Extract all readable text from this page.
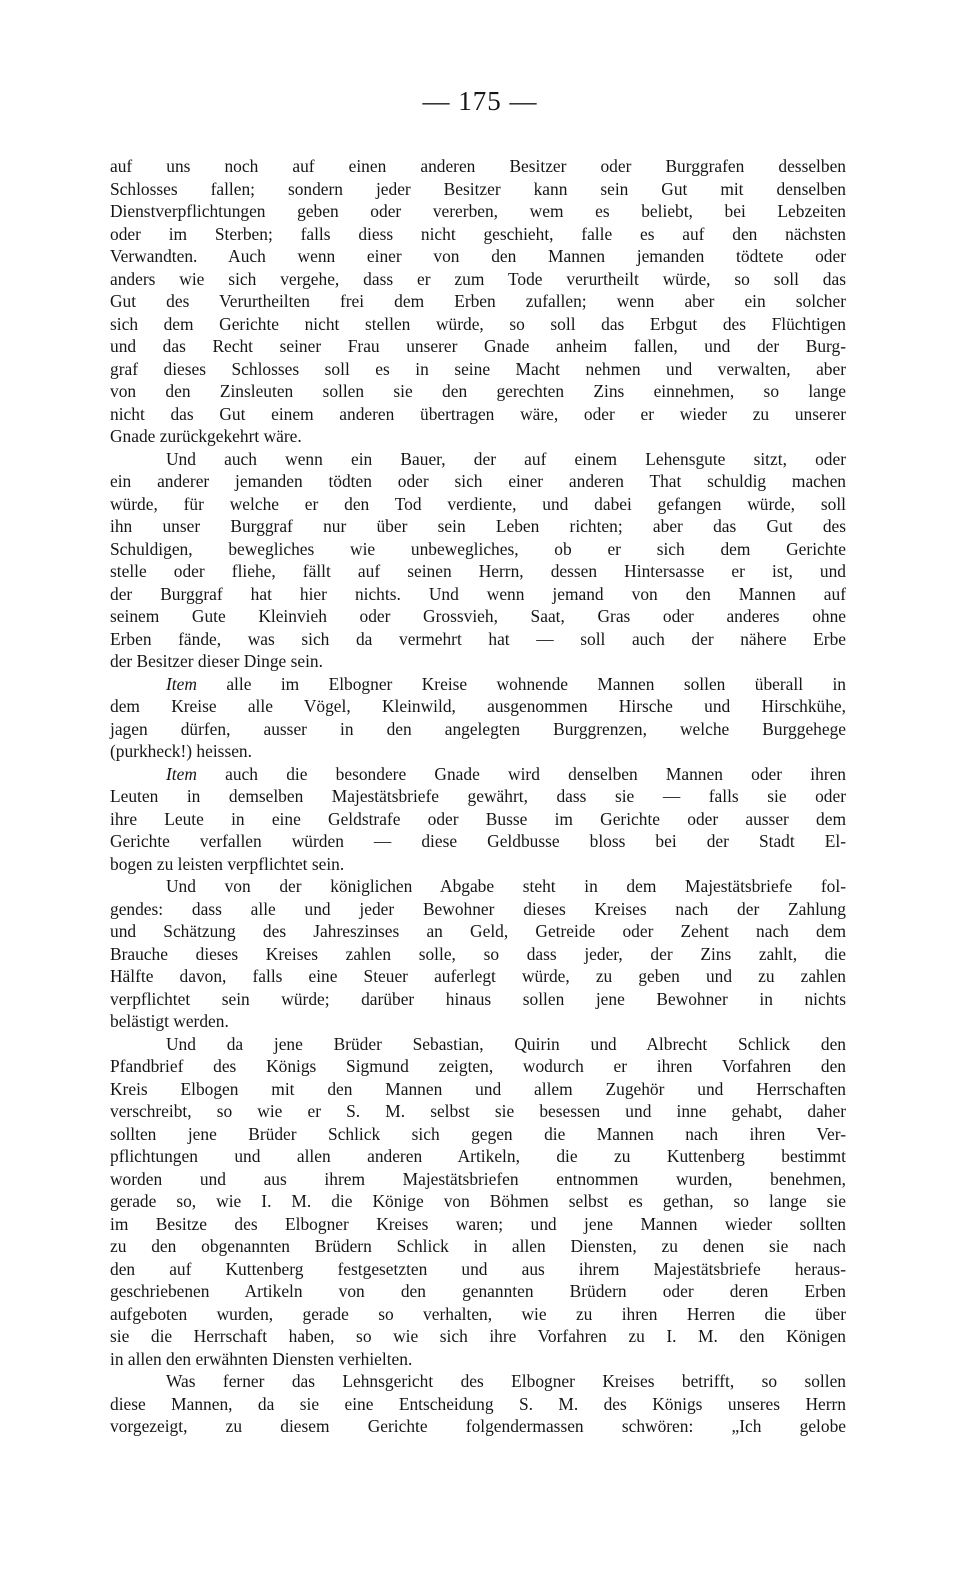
— 175 —
auf uns noch auf einen anderen Besitzer oder Burggrafen desselben
Schlosses fallen; sondern jeder Besitzer kann sein Gut mit denselben
Dienstverpflichtungen geben oder vererben, wem es beliebt, bei Lebzeiten
oder im Sterben; falls diess nicht geschieht, falle es auf den nächsten
Verwandten. Auch wenn einer von den Mannen jemanden tödtete oder
anders wie sich vergehe, dass er zum Tode verurtheilt würde, so soll das
Gut des Verurtheilten frei dem Erben zufallen; wenn aber ein solcher
sich dem Gerichte nicht stellen würde, so soll das Erbgut des Flüchtigen
und das Recht seiner Frau unserer Gnade anheim fallen, und der Burg-
graf dieses Schlosses soll es in seine Macht nehmen und verwalten, aber
von den Zinsleuten sollen sie den gerechten Zins einnehmen, so lange
nicht das Gut einem anderen übertragen wäre, oder er wieder zu unserer
Gnade zurückgekehrt wäre.
Und auch wenn ein Bauer, der auf einem Lehensgute sitzt, oder
ein anderer jemanden tödten oder sich einer anderen That schuldig machen
würde, für welche er den Tod verdiente, und dabei gefangen würde, soll
ihn unser Burggraf nur über sein Leben richten; aber das Gut des
Schuldigen, bewegliches wie unbewegliches, ob er sich dem Gerichte
stelle oder fliehe, fällt auf seinen Herrn, dessen Hintersasse er ist, und
der Burggraf hat hier nichts. Und wenn jemand von den Mannen auf
seinem Gute Kleinvieh oder Grossvieh, Saat, Gras oder anderes ohne
Erben fände, was sich da vermehrt hat — soll auch der nähere Erbe
der Besitzer dieser Dinge sein.
Item alle im Elbogner Kreise wohnende Mannen sollen überall in
dem Kreise alle Vögel, Kleinwild, ausgenommen Hirsche und Hirschkühe,
jagen dürfen, ausser in den angelegten Burggrenzen, welche Burggehege
(purkheck!) heissen.
Item auch die besondere Gnade wird denselben Mannen oder ihren
Leuten in demselben Majestätsbriefe gewährt, dass sie — falls sie oder
ihre Leute in eine Geldstrafe oder Busse im Gerichte oder ausser dem
Gerichte verfallen würden — diese Geldbusse bloss bei der Stadt El-
bogen zu leisten verpflichtet sein.
Und von der königlichen Abgabe steht in dem Majestätsbriefe fol-
gendes: dass alle und jeder Bewohner dieses Kreises nach der Zahlung
und Schätzung des Jahreszinses an Geld, Getreide oder Zehent nach dem
Brauche dieses Kreises zahlen solle, so dass jeder, der Zins zahlt, die
Hälfte davon, falls eine Steuer auferlegt würde, zu geben und zu zahlen
verpflichtet sein würde; darüber hinaus sollen jene Bewohner in nichts
belästigt werden.
Und da jene Brüder Sebastian, Quirin und Albrecht Schlick den
Pfandbrief des Königs Sigmund zeigten, wodurch er ihren Vorfahren den
Kreis Elbogen mit den Mannen und allem Zugehör und Herrschaften
verschreibt, so wie er S. M. selbst sie besessen und inne gehabt, daher
sollten jene Brüder Schlick sich gegen die Mannen nach ihren Ver-
pflichtungen und allen anderen Artikeln, die zu Kuttenberg bestimmt
worden und aus ihrem Majestätsbriefen entnommen wurden, benehmen,
gerade so, wie I. M. die Könige von Böhmen selbst es gethan, so lange sie
im Besitze des Elbogner Kreises waren; und jene Mannen wieder sollten
zu den obgenannten Brüdern Schlick in allen Diensten, zu denen sie nach
den auf Kuttenberg festgesetzten und aus ihrem Majestätsbriefe heraus-
geschriebenen Artikeln von den genannten Brüdern oder deren Erben
aufgeboten wurden, gerade so verhalten, wie zu ihren Herren die über
sie die Herrschaft haben, so wie sich ihre Vorfahren zu I. M. den Königen
in allen den erwähnten Diensten verhielten.
Was ferner das Lehnsgericht des Elbogner Kreises betrifft, so sollen
diese Mannen, da sie eine Entscheidung S. M. des Königs unseres Herrn
vorgezeigt, zu diesem Gerichte folgendermassen schwören: „Ich gelobe
